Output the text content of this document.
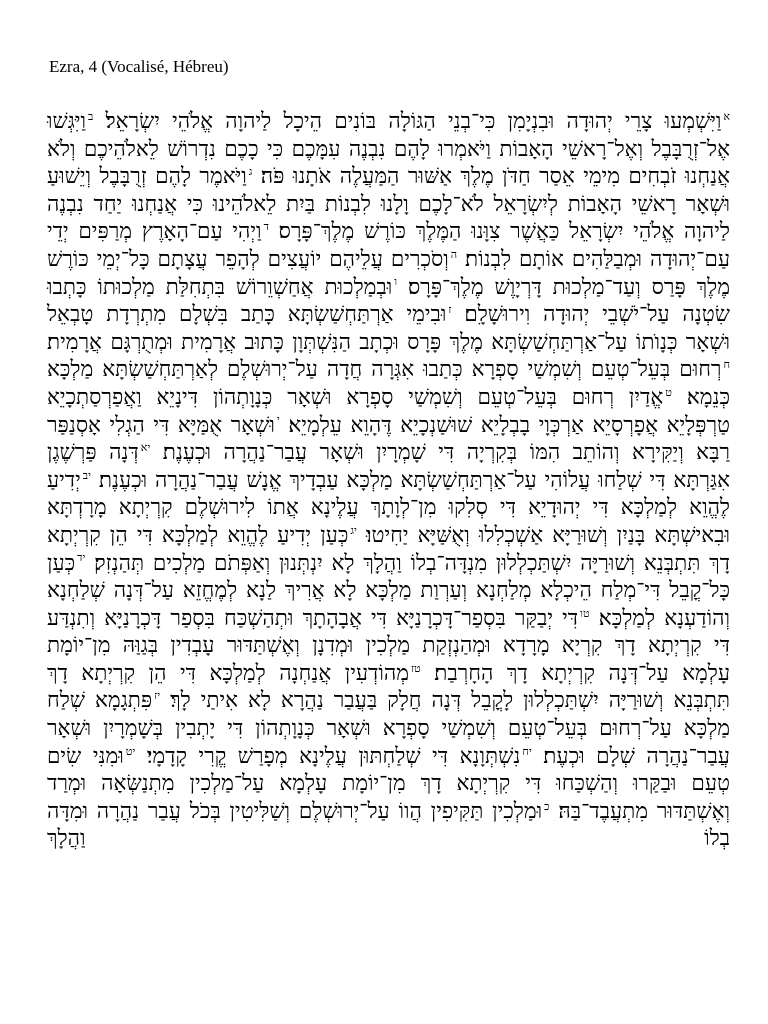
Ezra, 4 (Vocalisé, Hébreu)
$^א$וַיִּשְׁמְעוּ צָרֵי יְהוּדָה וּבִנְיָמִן כִּי־בְנֵי הַגּוֹלָה בּוֹנִים הֵיכָל לַיהוָה אֱלֹהֵי יִשְׂרָאֵל׃ $^ב$וַיִּגְּשׁוּ אֶל־זְרֻבָּבֶל וְאֶל־רָאשֵׁי הָאָבוֹת וַיֹּאמְרוּ לָהֶם נִבְנֶה עִמָּכֶם כִּי כָכֶם נִדְרוֹשׁ לֵאלֹהֵיכֶם וְלֹא אֲנַחְנוּ זֹבְחִים מִימֵי אֵסַר חַדֹּן מֶלֶךְ אַשּׁוּר הַמַּעֲלֶה אֹתָנוּ פֹּה׃ $^ג$וַיֹּאמֶר לָהֶם זְרֻבָּבֶל וְיֵשׁוּעַ וּשְׁאָר רָאשֵׁי הָאָבוֹת לְיִשְׂרָאֵל לֹא־לָכֶם וָלָנוּ לִבְנוֹת בַּיִת לֵאלֹהֵינוּ כִּי אֲנַחְנוּ יַחַד נִבְנֶה לַיהוָה אֱלֹהֵי יִשְׂרָאֵל כַּאֲשֶׁר צִוָּנוּ הַמֶּלֶךְ כּוֹרֶשׁ מֶלֶךְ־פָּרָס׃ $^ד$וַיְהִי עַם־הָאָרֶץ מְרַפִּים יְדֵי עַם־יְהוּדָה וּמְבַלַּהִים אוֹתָם לִבְנוֹת׃ $^ה$וְסֹכְרִים עֲלֵיהֶם יוֹעֲצִים לְהָפֵר עֲצָתָם כָּל־יְמֵי כּוֹרֶשׁ מֶלֶךְ פָּרַס וְעַד־מַלְכוּת דָּרְיָוֶשׁ מֶלֶךְ־פָּרָס׃ $^ו$וּבְמַלְכוּת אֲחַשְׁוֵרוֹשׁ בִּתְחִלַּת מַלְכוּתוֹ כָּתְבוּ שִׂטְנָה עַל־יֹשְׁבֵי יְהוּדָה וִירוּשָׁלָ͏ִם׃ $^ז$וּבִימֵי אַרְתַּחְשַׁשְׂתָּא כָּתַב בִּשְׁלָם מִתְרְדָת טָבְאֵל וּשְׁאָר כְּנָוֺתוֹ עַל־אַרְתַּחְשַׁשְׂתָּא מֶלֶךְ פָּרָס וּכְתָב הַנִּשְׁתְּוָן כָּתוּב אֲרָמִית וּמְתֻרְגָּם אֲרָמִית׃ $^ח$רְחוּם בְּעֵל־טְעֵם וְשִׁמְשַׁי סָפְרָא כְּתַבוּ אִגְּרָה חֲדָה עַל־יְרוּשְׁלֶם לְאַרְתַּחְשַׁשְׂתָּא מַלְכָּא כְּנֵמָא׃ $^ט$אֱדַיִן רְחוּם בְּעֵל־טְעֵם וְשִׁמְשַׁי סָפְרָא וּשְׁאָר כְּנָוָתְהוֹן דִּינָיֵא וַאֲפַרְסַתְכָיֵא טַרְפְּלָיֵא אֲפָרְסָיֵא אַרְכְּוָי בָבְלָיֵא שׁוּשַׁנְכָיֵא דֶּהָוֵא עֵלְמָיֵא׃ $^י$וּשְׁאָר אֻמַּיָּא דִּי הַגְלִי אָסְנַפַּר רַבָּא וְיַקִּירָא וְהוֹתֵב הִמּוֹ בְּקִרְיָה דִּי שָׁמְרָיִן וּשְׁאָר עֲבַר־נַהֲרָה וּכְעֶנֶת׃ $^{יא}$דְּנָה פַּרְשֶׁגֶן אִגַּרְתָּא דִּי שְׁלַחוּ עֲלוֹהִי עַל־אַרְתַּחְשַׁשְׂתָּא מַלְכָּא עַבְדָיךְ אֱנָשׁ עֲבַר־נַהֲרָה וּכְעֶנֶת׃ $^{יב}$יְדִיעַ לֶהֱוֵא לְמַלְכָּא דִּי יְהוּדָיֵא דִּי סְלִקוּ מִן־לְוָתָךְ עֲלֶינָא אֲתוֹ לִירוּשְׁלֶם קִרְיְתָא מָרָדְתָּא וּבִאישְׁתָּא בָּנַיִן וְשׁוּרַיָּא אַשְׁכְלִלוּ וְאֻשַּׁיָּא יַחִיטוּ׃ $^{יג}$כְּעַן יְדִיעַ לֶהֱוֵא לְמַלְכָּא דִּי הֵן קִרְיְתָא דָךְ תִּתְבְּנֵא וְשׁוּרַיָּה יִשְׁתַּכְלְלוּן מִנְדָּה־בְלוֹ וַהֲלָךְ לָא יִנְתְּנוּן וְאַפְּתֹם מַלְכִים תְּהַנְזִק׃ $^{יד}$כְּעַן כָּל־קֳבֵל דִּי־מְלַח הֵיכְלָא מְלַחְנָא וְעַרְוַת מַלְכָּא לָא אֲרִיךְ לַנָא לְמֶחֱזֵא עַל־דְּנָה שְׁלַחְנָא וְהוֹדַעְנָא לְמַלְכָּא׃ $^{טו}$דִּי יְבַקַּר בִּסְפַר־דָּכְרָנַיָּא דִּי אֲבָהָתָךְ וּתְהַשְׁכַּח בִּסְפַר דָּכְרָנַיָּא וְתִנְדַּע דִּי קִרְיְתָא דָךְ קִרְיָא מָרָדָא וּמְהַנְזְקַת מַלְכִין וּמְדִנָן וְאֶשְׁתַּדּוּר עָבְדִין בְּגַוַּהּ מִן־יוֹמָת עָלְמָא עַל־דְּנָה קִרְיְתָא דָךְ הָחָרְבַת׃ $^{טז}$מְהוֹדְעִין אֲנַחְנָה לְמַלְכָּא דִּי הֵן קִרְיְתָא דָךְ תִּתְבְּנֵא וְשׁוּרַיָּה יִשְׁתַּכְלְלוּן לָקֳבֵל דְּנָה חֲלָק בַּעֲבַר נַהֲרָא לָא אִיתַי לָךְ׃ $^{יז}$פִּתְגָמָא שְׁלַח מַלְכָּא עַל־רְחוּם בְּעֵל־טְעֵם וְשִׁמְשַׁי סָפְרָא וּשְׁאָר כְּנָוָתְהוֹן דִּי יָתְבִין בְּשָׁמְרָיִן וּשְׁאָר עֲבַר־נַהֲרָה שְׁלָם וּכְעֶת׃ $^{יח}$נִשְׁתְּוָנָא דִּי שְׁלַחְתּוּן עֲלֶינָא מְפָרַשׁ קֱרִי קָדָמָי׃ $^{יט}$וּמִנִּי שִׂים טְעֵם וּבַקַּרוּ וְהַשְׁכַּחוּ דִּי קִרְיְתָא דָךְ מִן־יוֹמָת עָלְמָא עַל־מַלְכִין מִתְנַשְּׂאָה וּמְרַד וְאֶשְׁתַּדּוּר מִתְעֲבֶד־בַּהּ׃ $^כ$וּמַלְכִין תַּקִּיפִין הֲווֹ עַל־יְרוּשְׁלֶם וְשַׁלִּיטִין בְּכֹל עֲבַר נַהֲרָה וּמִדָּה בְלוֹ וַהֲלָךְ
